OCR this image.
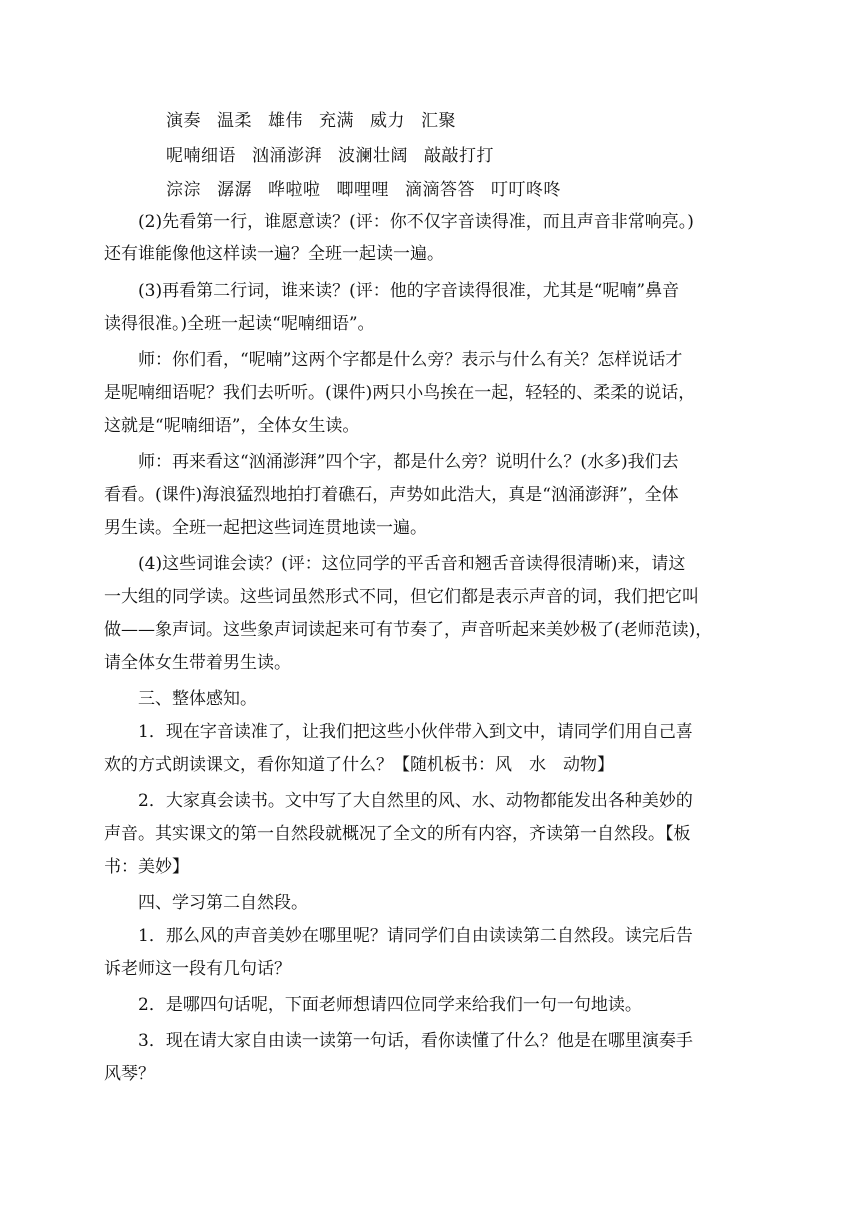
演奏 温柔 雄伟 充满 威力 汇聚
呢喃细语 汹涌澎湃 波澜壮阔 敲敲打打
淙淙 潺潺 哗啦啦 唧哩哩 滴滴答答 叮叮咚咚
(2)先看第一行，谁愿意读？(评：你不仅字音读得准，而且声音非常响亮。)
还有谁能像他这样读一遍？全班一起读一遍。
(3)再看第二行词，谁来读？(评：他的字音读得很准，尤其是“呢喃”鼻音
读得很准。)全班一起读“呢喃细语”。
师：你们看，“呢喃”这两个字都是什么旁？表示与什么有关？怎样说话才
是呢喃细语呢？我们去听听。(课件)两只小鸟挨在一起，轻轻的、柔柔的说话，
这就是“呢喃细语”，全体女生读。
师：再来看这“汹涌澎湃”四个字，都是什么旁？说明什么？(水多)我们去
看看。(课件)海浪猛烈地拍打着礁石，声势如此浩大，真是“汹涌澎湃”，全体
男生读。全班一起把这些词连贯地读一遍。
(4)这些词谁会读？(评：这位同学的平舌音和翘舌音读得很清晰)来，请这
一大组的同学读。这些词虽然形式不同，但它们都是表示声音的词，我们把它叫
做——象声词。这些象声词读起来可有节奏了，声音听起来美妙极了(老师范读)，
请全体女生带着男生读。
三、整体感知。
1．现在字音读准了，让我们把这些小伙伴带入到文中，请同学们用自己喜
欢的方式朗读课文，看你知道了什么？【随机板书：风　水　动物】
2．大家真会读书。文中写了大自然里的风、水、动物都能发出各种美妙的
声音。其实课文的第一自然段就概况了全文的所有内容，齐读第一自然段。【板
书：美妙】
四、学习第二自然段。
1．那么风的声音美妙在哪里呢？请同学们自由读读第二自然段。读完后告
诉老师这一段有几句话？
2．是哪四句话呢，下面老师想请四位同学来给我们一句一句地读。
3．现在请大家自由读一读第一句话，看你读懂了什么？他是在哪里演奏手
风琴？
